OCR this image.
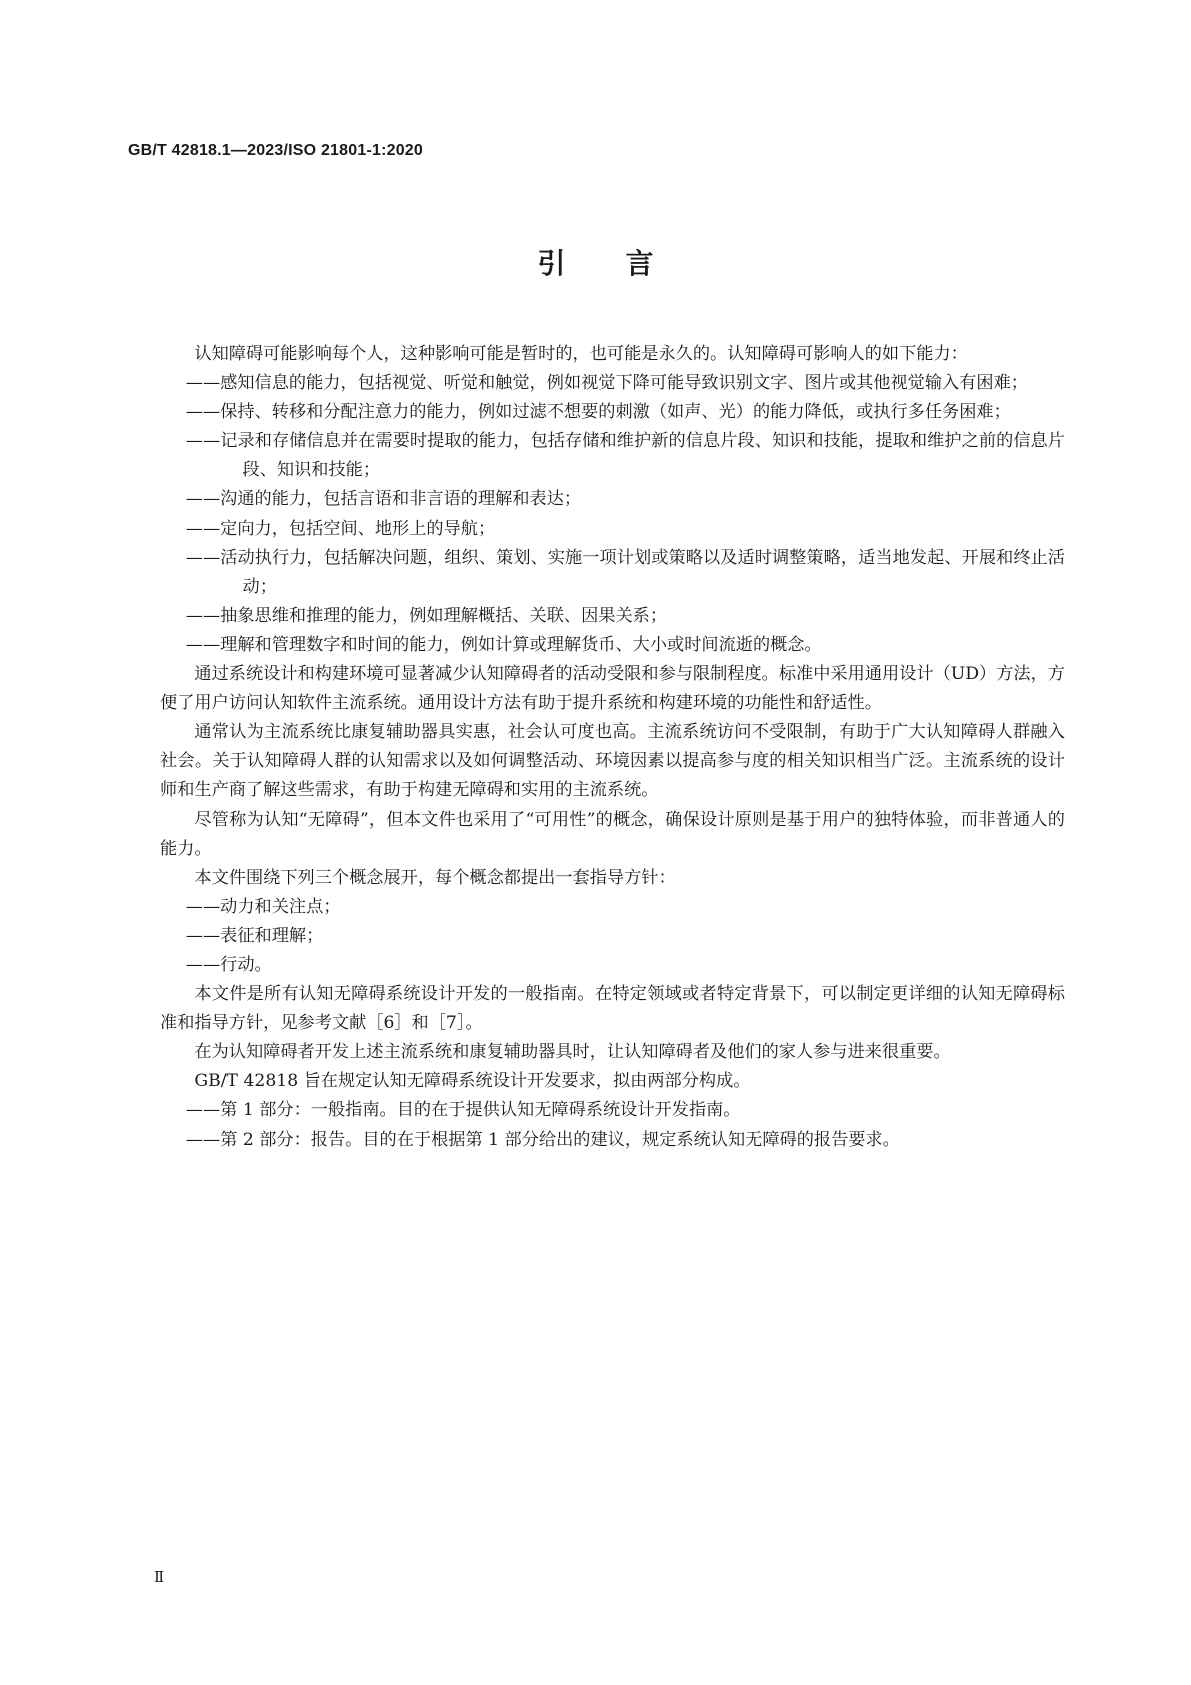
GB/T 42818.1—2023/ISO 21801-1:2020
引言

认知障碍可能影响每个人，这种影响可能是暂时的，也可能是永久的。认知障碍可影响人的如下能力：

——感知信息的能力，包括视觉、听觉和触觉，例如视觉下降可能导致识别文字、图片或其他视觉输入有困难；

——保持、转移和分配注意力的能力，例如过滤不想要的刺激（如声、光）的能力降低，或执行多任务困难；

——记录和存储信息并在需要时提取的能力，包括存储和维护新的信息片段、知识和技能，提取和维护之前的信息片段、知识和技能；

——沟通的能力，包括言语和非言语的理解和表达；

——定向力，包括空间、地形上的导航；

——活动执行力，包括解决问题，组织、策划、实施一项计划或策略以及适时调整策略，适当地发起、开展和终止活动；

——抽象思维和推理的能力，例如理解概括、关联、因果关系；

——理解和管理数字和时间的能力，例如计算或理解货币、大小或时间流逝的概念。

通过系统设计和构建环境可显著减少认知障碍者的活动受限和参与限制程度。标准中采用通用设计（UD）方法，方便了用户访问认知软件主流系统。通用设计方法有助于提升系统和构建环境的功能性和舒适性。

通常认为主流系统比康复辅助器具实惠，社会认可度也高。主流系统访问不受限制，有助于广大认知障碍人群融入社会。关于认知障碍人群的认知需求以及如何调整活动、环境因素以提高参与度的相关知识相当广泛。主流系统的设计师和生产商了解这些需求，有助于构建无障碍和实用的主流系统。

尽管称为认知“无障碍”，但本文件也采用了“可用性”的概念，确保设计原则是基于用户的独特体验，而非普通人的能力。

本文件围绕下列三个概念展开，每个概念都提出一套指导方针：

——动力和关注点；

——表征和理解；

——行动。

本文件是所有认知无障碍系统设计开发的一般指南。在特定领域或者特定背景下，可以制定更详细的认知无障碍标准和指导方针，见参考文献［6］和［7］。

在为认知障碍者开发上述主流系统和康复辅助器具时，让认知障碍者及他们的家人参与进来很重要。

GB/T 42818 旨在规定认知无障碍系统设计开发要求，拟由两部分构成。

——第 1 部分：一般指南。目的在于提供认知无障碍系统设计开发指南。

——第 2 部分：报告。目的在于根据第 1 部分给出的建议，规定系统认知无障碍的报告要求。

Ⅱ
